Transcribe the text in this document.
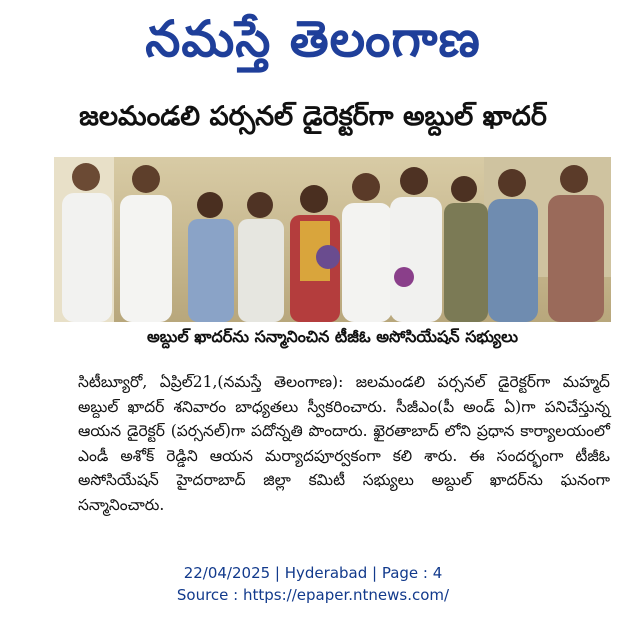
నమస్తే తెలంగాణ
జలమండలి పర్సనల్ డైరెక్టర్‌గా అబ్దుల్ ఖాదర్
అబ్దుల్ ఖాదర్‌ను సన్మానించిన టీజీఓ అసోసియేషన్ సభ్యులు

సిటీబ్యూరో, ఏప్రిల్21,(నమస్తే తెలంగాణ): జలమండలి పర్సనల్ డైరెక్టర్‌గా మహ్మద్ అబ్దుల్ ఖాదర్ శనివారం బాధ్యతలు స్వీకరించారు. సీజీఎం(పీ అండ్ ఏ)గా పనిచేస్తున్న ఆయన డైరెక్టర్ (పర్సనల్)గా పదోన్నతి పొందారు. ఖైరతాబాద్ లోని ప్రధాన కార్యాలయంలో ఎండీ అశోక్ రెడ్డిని ఆయన మర్యాదపూర్వకంగా కలి శారు. ఈ సందర్భంగా టీజీఓ అసోసియేషన్ హైదరాబాద్ జిల్లా కమిటీ సభ్యులు అబ్దుల్ ఖాదర్‌ను ఘనంగా సన్మానించారు.

22/04/2025 | Hyderabad | Page : 4
Source : https://epaper.ntnews.com/
